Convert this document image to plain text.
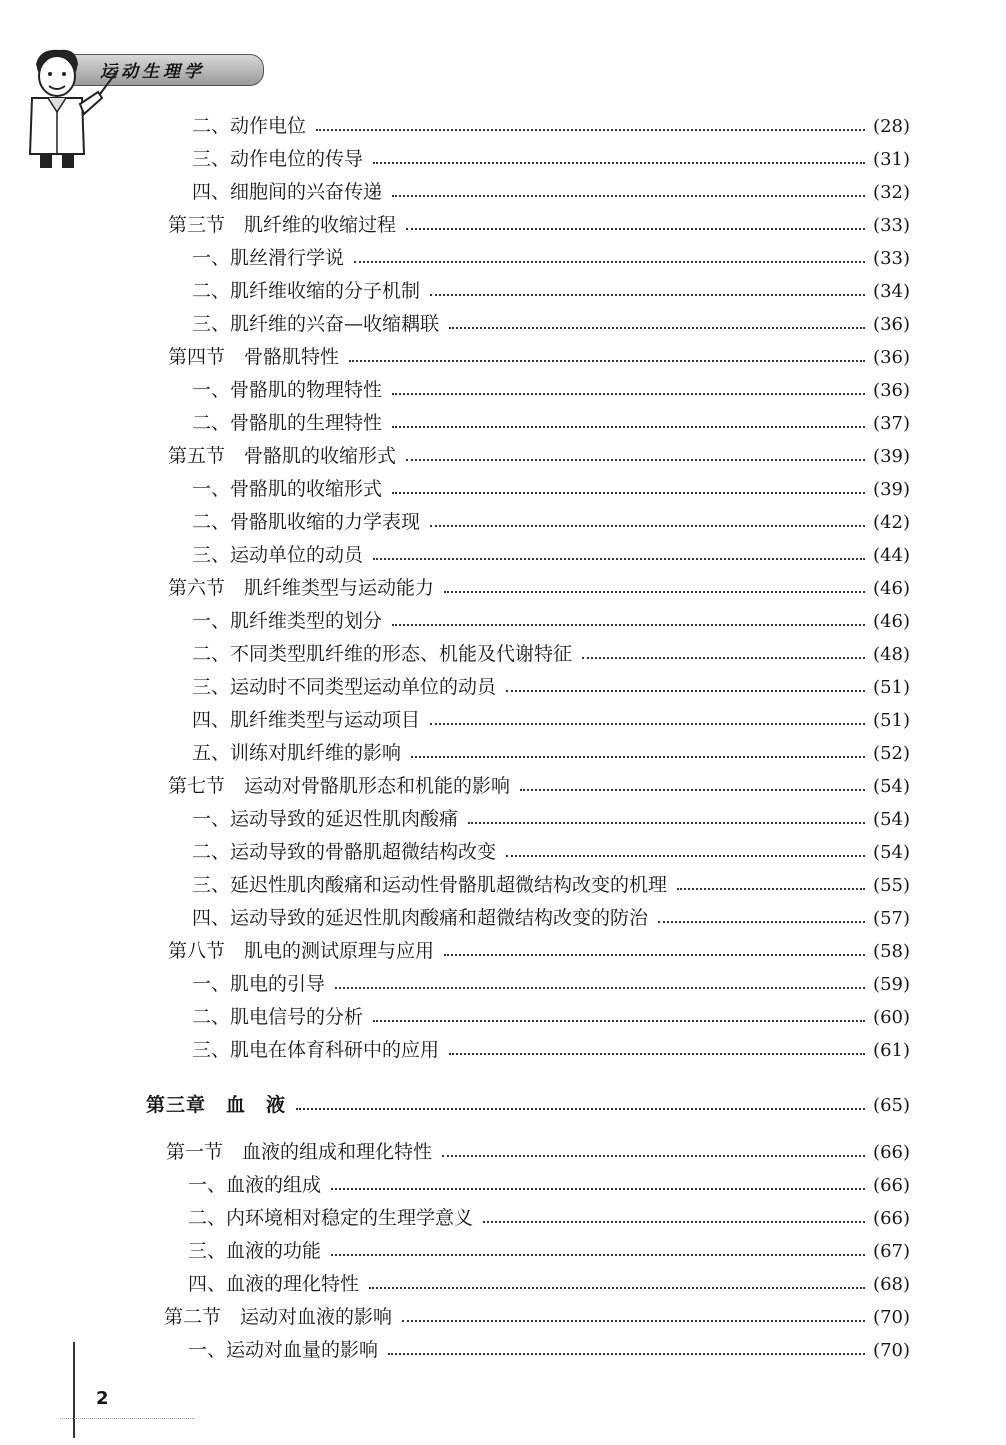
运动生理学
二、动作电位	(28)
三、动作电位的传导	(31)
四、细胞间的兴奋传递	(32)
第三节　肌纤维的收缩过程	(33)
一、肌丝滑行学说	(33)
二、肌纤维收缩的分子机制	(34)
三、肌纤维的兴奋—收缩耦联	(36)
第四节　骨骼肌特性	(36)
一、骨骼肌的物理特性	(36)
二、骨骼肌的生理特性	(37)
第五节　骨骼肌的收缩形式	(39)
一、骨骼肌的收缩形式	(39)
二、骨骼肌收缩的力学表现	(42)
三、运动单位的动员	(44)
第六节　肌纤维类型与运动能力	(46)
一、肌纤维类型的划分	(46)
二、不同类型肌纤维的形态、机能及代谢特征	(48)
三、运动时不同类型运动单位的动员	(51)
四、肌纤维类型与运动项目	(51)
五、训练对肌纤维的影响	(52)
第七节　运动对骨骼肌形态和机能的影响	(54)
一、运动导致的延迟性肌肉酸痛	(54)
二、运动导致的骨骼肌超微结构改变	(54)
三、延迟性肌肉酸痛和运动性骨骼肌超微结构改变的机理	(55)
四、运动导致的延迟性肌肉酸痛和超微结构改变的防治	(57)
第八节　肌电的测试原理与应用	(58)
一、肌电的引导	(59)
二、肌电信号的分析	(60)
三、肌电在体育科研中的应用	(61)
第三章　血　液	(65)
第一节　血液的组成和理化特性	(66)
一、血液的组成	(66)
二、内环境相对稳定的生理学意义	(66)
三、血液的功能	(67)
四、血液的理化特性	(68)
第二节　运动对血液的影响	(70)
一、运动对血量的影响	(70)
2
